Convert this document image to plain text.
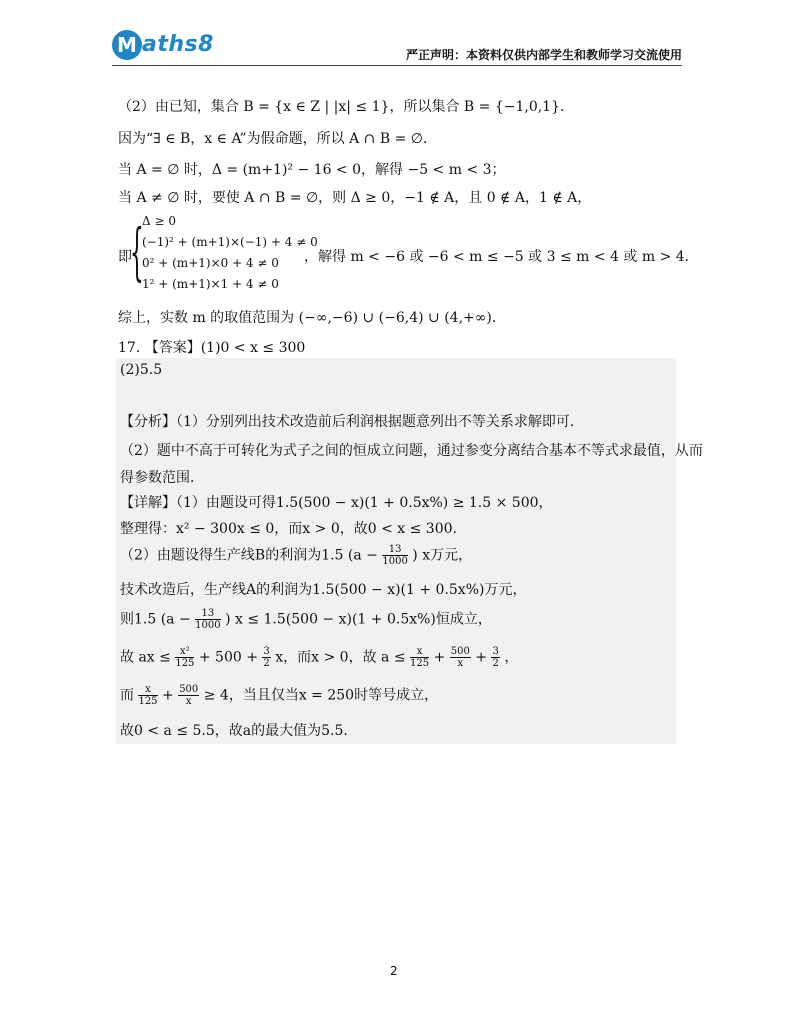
M aths8	严正声明：本资料仅供内部学生和教师学习交流使用
（2）由已知，集合 B = {x ∈ Z | |x| ≤ 1}，所以集合 B = {−1,0,1}．
因为“∃ ∈ B，x ∈ A”为假命题，所以 A ∩ B = ∅．
当 A = ∅ 时，Δ = (m+1)² − 16 < 0，解得 −5 < m < 3；
当 A ≠ ∅ 时，要使 A ∩ B = ∅，则 Δ ≥ 0，−1 ∉ A，且 0 ∉ A，1 ∉ A，
即
{
Δ ≥ 0
(−1)² + (m+1)×(−1) + 4 ≠ 0
0² + (m+1)×0 + 4 ≠ 0
1² + (m+1)×1 + 4 ≠ 0
，解得 m < −6 或 −6 < m ≤ −5 或 3 ≤ m < 4 或 m > 4．
综上，实数 m 的取值范围为 (−∞,−6) ∪ (−6,4) ∪ (4,+∞)．
17. 【答案】(1)0 < x ≤ 300
(2)5.5
【分析】（1）分别列出技术改造前后利润根据题意列出不等关系求解即可．
（2）题中不高于可转化为式子之间的恒成立问题，通过参变分离结合基本不等式求最值，从而
得参数范围．
【详解】（1）由题设可得1.5(500 − x)(1 + 0.5x%) ≥ 1.5 × 500，
整理得：x² − 300x ≤ 0，而x > 0，故0 < x ≤ 300.
（2）由题设得生产线B的利润为1.5 ($a - \frac{13}{1000}$ ) x万元，
技术改造后，生产线A的利润为1.5(500 − x)(1 + 0.5x%)万元，
则1.5 ($a - \frac{13}{1000}$ ) x ≤ 1.5(500 − x)(1 + 0.5x%)恒成立，
故 ax ≤ $\frac{\text{x²}}{125} + 500 + \frac{3}{2}$ x，而x > 0，故 $a \le \frac{x}{125} + \frac{500}{x} + \frac{3}{2}$ ，
而 $\frac{x}{125} + \frac{500}{x} \ge 4$，当且仅当x = 250时等号成立，
故0 < a ≤ 5.5，故a的最大值为5.5.
2
